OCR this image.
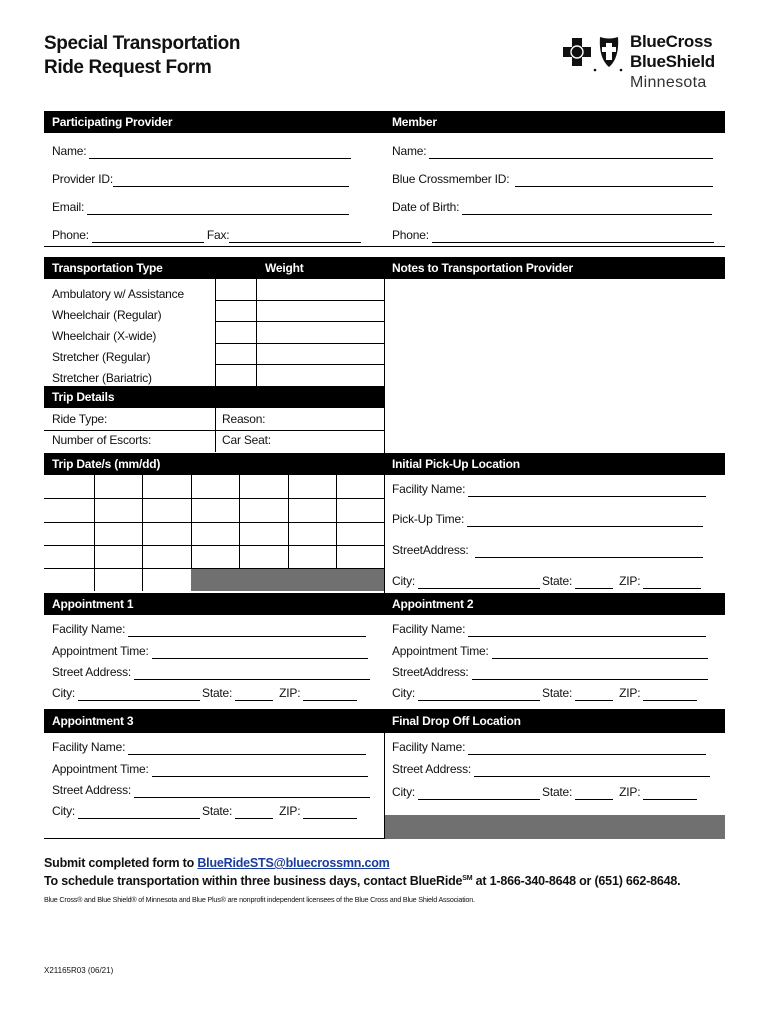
Special Transportation
Ride Request Form
BlueCross
BlueShield
Minnesota
Participating Provider	Member
Name:
Provider ID:
Email:
Phone:	Fax:
Name:
Blue Crossmember ID:
Date of Birth:
Phone:
Transportation Type	Weight	Notes to Transportation Provider
Ambulatory w/ Assistance
Wheelchair (Regular)
Wheelchair (X-wide)
Stretcher (Regular)
Stretcher (Bariatric)
Trip Details
Ride Type:	Reason:
Number of Escorts:	Car Seat:
Trip Date/s (mm/dd)	Initial Pick-Up Location
Facility Name:
Pick-Up Time:
StreetAddress:
City:	State:	ZIP:
Appointment 1	Appointment 2
Facility Name:
Appointment Time:
Street Address:
City:	State:	ZIP:
Facility Name:
Appointment Time:
StreetAddress:
City:	State:	ZIP:
Appointment 3	Final Drop Off Location
Facility Name:
Appointment Time:
Street Address:
City:	State:	ZIP:
Facility Name:
Street Address:
City:	State:	ZIP:
Submit completed form to BlueRideSTS@bluecrossmn.com
To schedule transportation within three business days, contact BlueRide℠ at 1-866-340-8648 or (651) 662-8648.
Blue Cross® and Blue Shield® of Minnesota and Blue Plus® are nonprofit independent licensees of the Blue Cross and Blue Shield Association.
X21165R03 (06/21)
